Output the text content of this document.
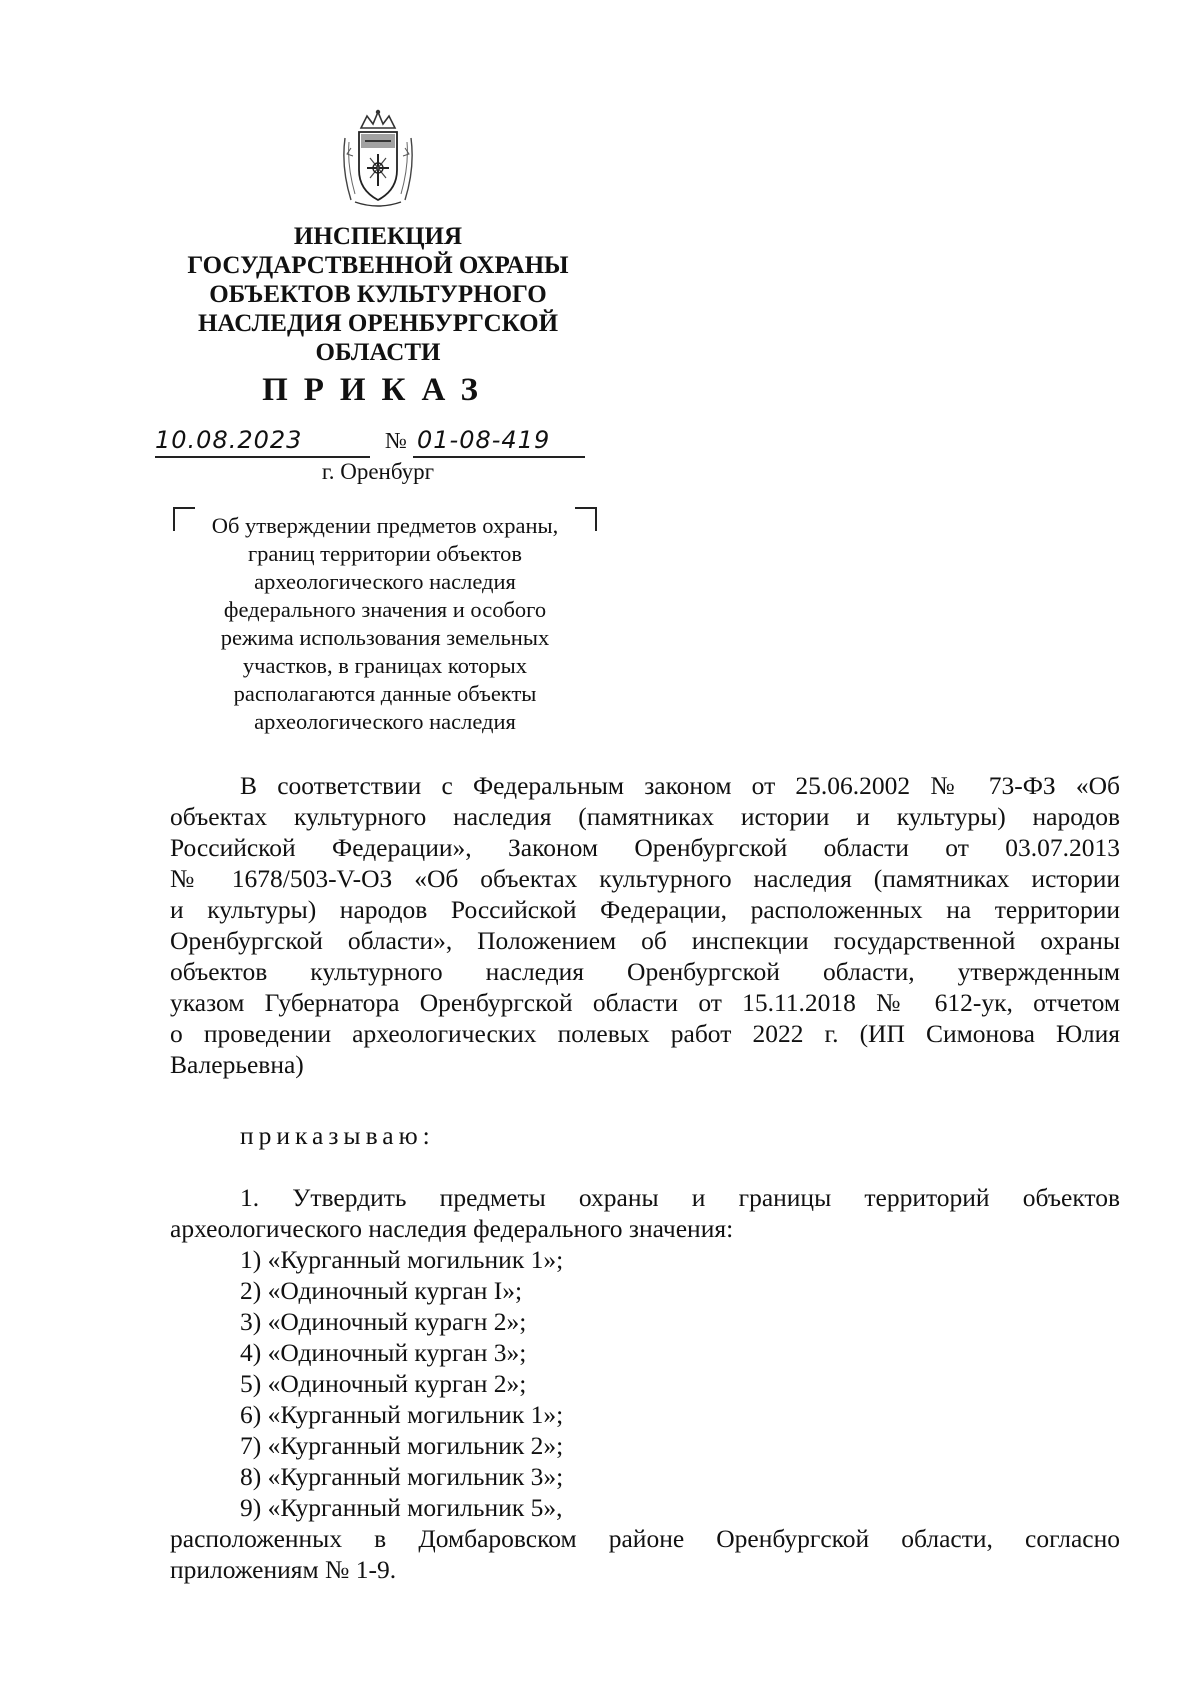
ИНСПЕКЦИЯ
ГОСУДАРСТВЕННОЙ ОХРАНЫ
ОБЪЕКТОВ КУЛЬТУРНОГО
НАСЛЕДИЯ ОРЕНБУРГСКОЙ
ОБЛАСТИ
ПРИКАЗ
10.08.2023	№ 01-08-419
г. Оренбург
Об утверждении предметов охраны,
границ территории объектов
археологического наследия
федерального значения и особого
режима использования земельных
участков, в границах которых
располагаются данные объекты
археологического наследия
В соответствии с Федеральным законом от 25.06.2002 № 73-ФЗ «Об
объектах культурного наследия (памятниках истории и культуры) народов
Российской Федерации», Законом Оренбургской области от 03.07.2013
№ 1678/503-V-ОЗ «Об объектах культурного наследия (памятниках истории
и культуры) народов Российской Федерации, расположенных на территории
Оренбургской области», Положением об инспекции государственной охраны
объектов культурного наследия Оренбургской области, утвержденным
указом Губернатора Оренбургской области от 15.11.2018 № 612-ук, отчетом
о проведении археологических полевых работ 2022 г. (ИП Симонова Юлия
Валерьевна)
приказываю:
1. Утвердить предметы охраны и границы территорий объектов
археологического наследия федерального значения:
1) «Курганный могильник 1»;
2) «Одиночный курган I»;
3) «Одиночный курагн 2»;
4) «Одиночный курган 3»;
5) «Одиночный курган 2»;
6) «Курганный могильник 1»;
7) «Курганный могильник 2»;
8) «Курганный могильник 3»;
9) «Курганный могильник 5»,
расположенных в Домбаровском районе Оренбургской области, согласно
приложениям № 1-9.
